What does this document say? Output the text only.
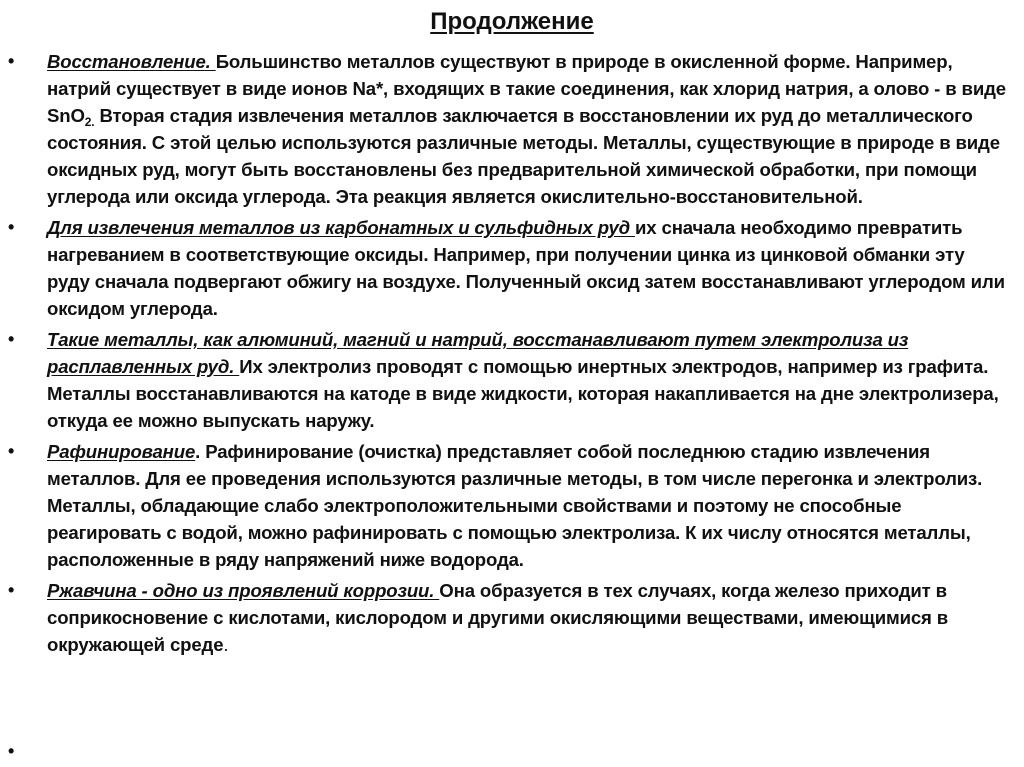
Продолжение
• Восстановление. Большинство металлов существуют в природе в окисленной форме. Например, натрий существует в виде ионов Na*, входящих в такие соединения, как хлорид натрия, а олово - в виде SnO$_{2.}$ Вторая стадия извлечения металлов заключается в восстановлении их руд до металлического состояния. С этой целью используются различные методы. Металлы, существующие в природе в виде оксидных руд, могут быть восстановлены без предварительной химической обработки, при помощи углерода или оксида углерода. Эта реакция является окислительно-восстановительной.
• Для извлечения металлов из карбонатных и сульфидных руд их сначала необходимо превратить нагреванием в соответствующие оксиды. Например, при получении цинка из цинковой обманки эту руду сначала подвергают обжигу на воздухе. Полученный оксид затем восстанавливают углеродом или оксидом углерода.
• Такие металлы, как алюминий, магний и натрий, восстанавливают путем электролиза из расплавленных руд. Их электролиз проводят с помощью инертных электродов, например из графита. Металлы восстанавливаются на катоде в виде жидкости, которая накапливается на дне электролизера, откуда ее можно выпускать наружу.
• Рафинирование. Рафинирование (очистка) представляет собой последнюю стадию извлечения металлов. Для ее проведения используются различные методы, в том числе перегонка и электролиз. Металлы, обладающие слабо электроположительными свойствами и поэтому не способные реагировать с водой, можно рафинировать с помощью электролиза. К их числу относятся металлы, расположенные в ряду напряжений ниже водорода.
• Ржавчина - одно из проявлений коррозии. Она образуется в тех случаях, когда железо приходит в соприкосновение с кислотами, кислородом и другими окисляющими веществами, имеющимися в окружающей среде.
•
